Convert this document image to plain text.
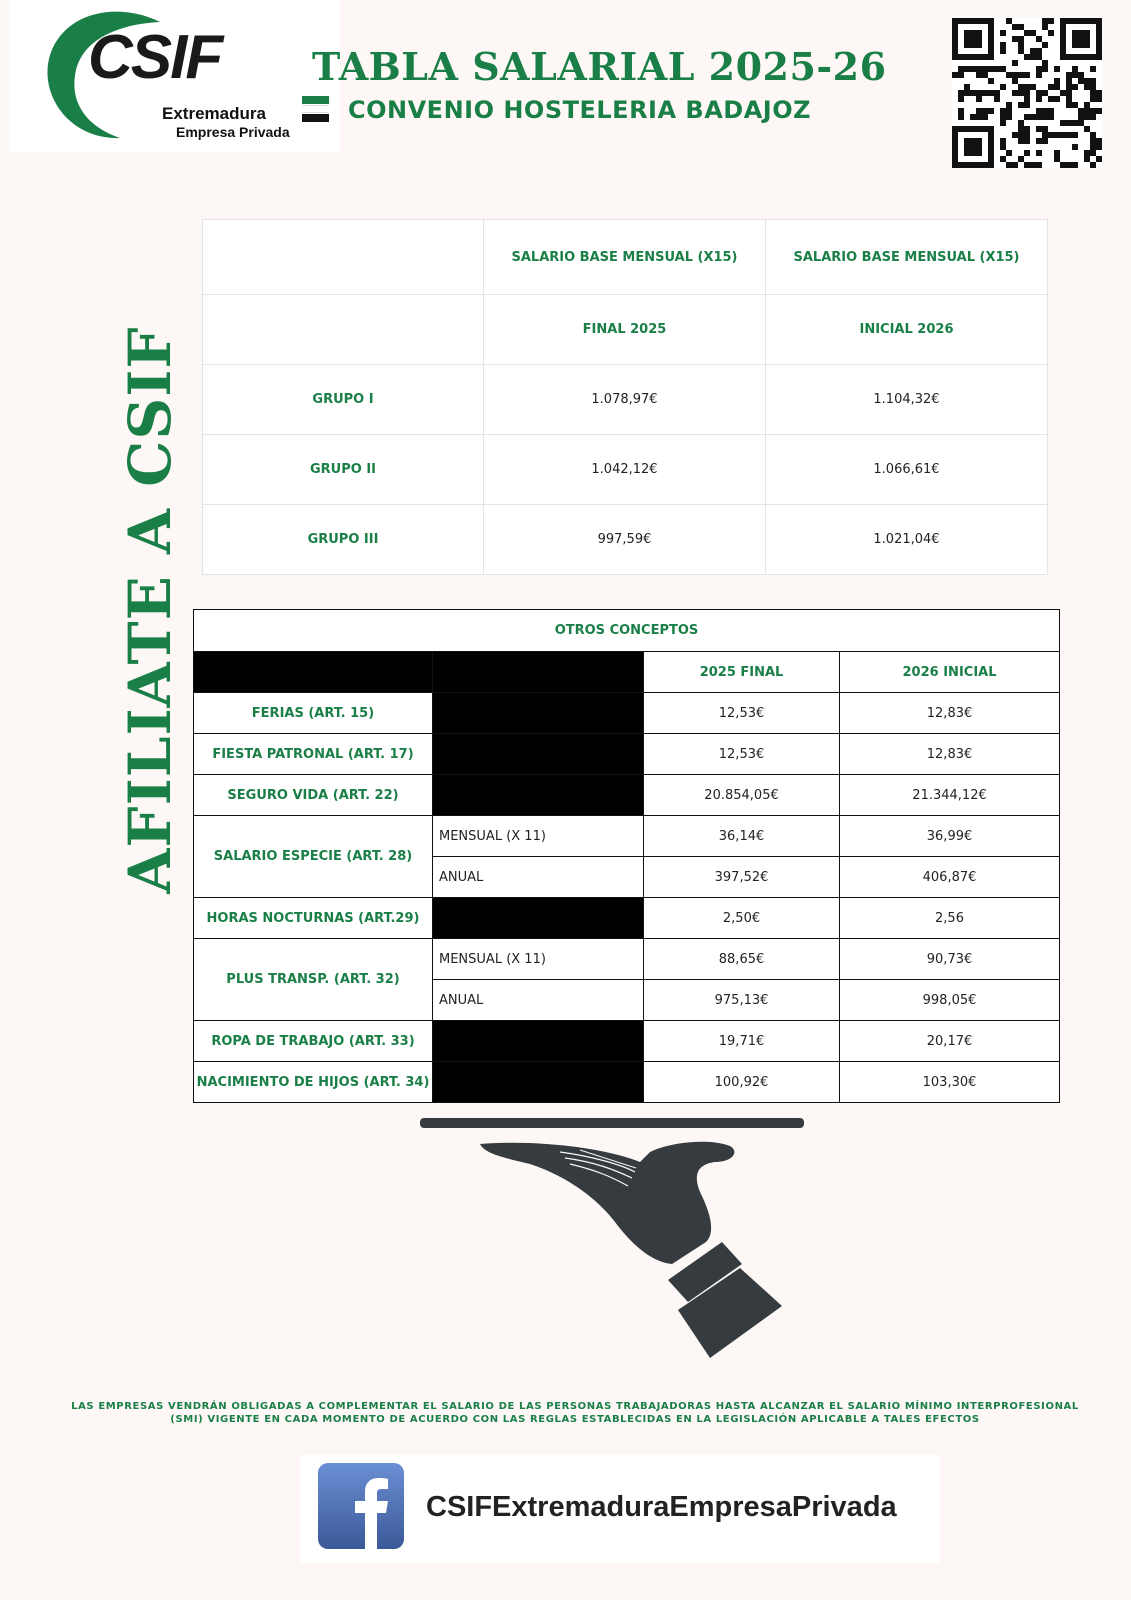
CSIF
Extremadura
Empresa Privada
TABLA SALARIAL 2025-26
CONVENIO HOSTELERIA BADAJOZ
AFILIATE A CSIF
	SALARIO BASE MENSUAL (X15)	SALARIO BASE MENSUAL (X15)
	FINAL 2025	INICIAL 2026
GRUPO I	1.078,97€	1.104,32€
GRUPO II	1.042,12€	1.066,61€
GRUPO III	997,59€	1.021,04€
OTROS CONCEPTOS			
		2025 FINAL	2026 INICIAL
FERIAS (ART. 15)		12,53€	12,83€
FIESTA PATRONAL (ART. 17)		12,53€	12,83€
SEGURO VIDA (ART. 22)		20.854,05€	21.344,12€
SALARIO ESPECIE (ART. 28)	MENSUAL (X 11)	36,14€	36,99€
	ANUAL	397,52€	406,87€
HORAS NOCTURNAS (ART.29)		2,50€	2,56
PLUS TRANSP. (ART. 32)	MENSUAL (X 11)	88,65€	90,73€
	ANUAL	975,13€	998,05€
ROPA DE TRABAJO (ART. 33)		19,71€	20,17€
NACIMIENTO DE HIJOS (ART. 34)		100,92€	103,30€
LAS EMPRESAS VENDRÁN OBLIGADAS A COMPLEMENTAR EL SALARIO DE LAS PERSONAS TRABAJADORAS HASTA ALCANZAR EL SALARIO MÍNIMO INTERPROFESIONAL (SMI) VIGENTE EN CADA MOMENTO DE ACUERDO CON LAS REGLAS ESTABLECIDAS EN LA LEGISLACIÓN APLICABLE A TALES EFECTOS
CSIFExtremaduraEmpresaPrivada
